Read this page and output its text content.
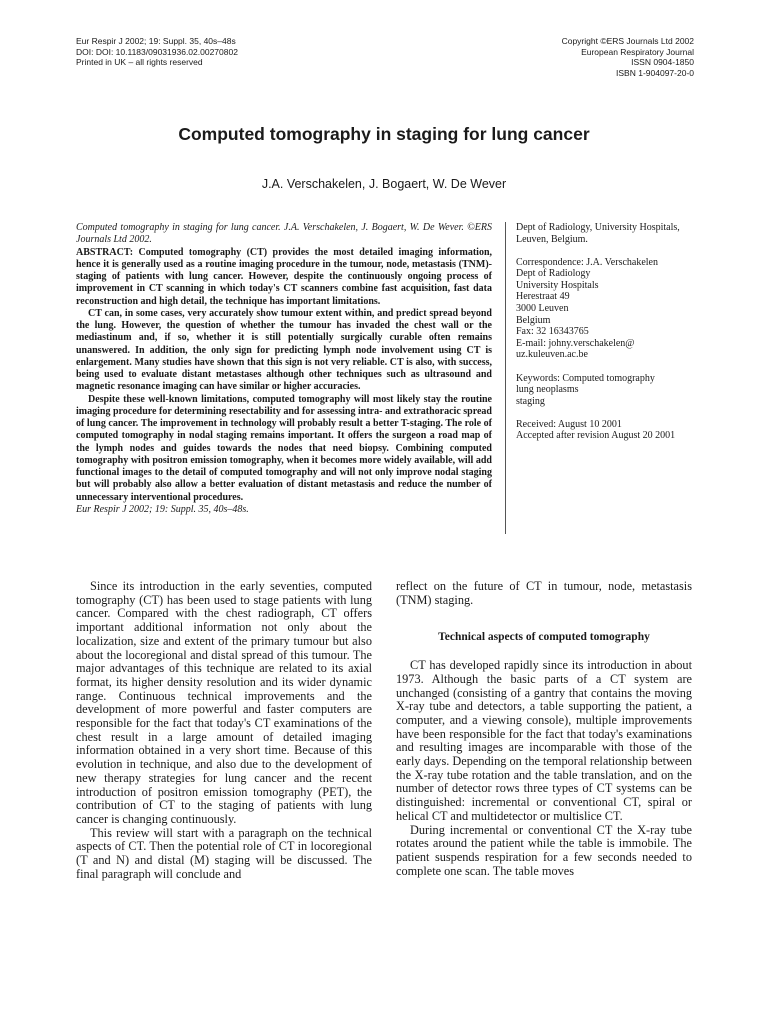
Eur Respir J 2002; 19: Suppl. 35, 40s–48s
DOI: DOI: 10.1183/09031936.02.00270802
Printed in UK – all rights reserved
Copyright ©ERS Journals Ltd 2002
European Respiratory Journal
ISSN 0904-1850
ISBN 1-904097-20-0
Computed tomography in staging for lung cancer
J.A. Verschakelen, J. Bogaert, W. De Wever

Computed tomography in staging for lung cancer. J.A. Verschakelen, J. Bogaert, W. De Wever. ©ERS Journals Ltd 2002.
ABSTRACT: Computed tomography (CT) provides the most detailed imaging information, hence it is generally used as a routine imaging procedure in the tumour, node, metastasis (TNM)-staging of patients with lung cancer. However, despite the continuously ongoing process of improvement in CT scanning in which today's CT scanners combine fast acquisition, fast data reconstruction and high detail, the technique has important limitations.

CT can, in some cases, very accurately show tumour extent within, and predict spread beyond the lung. However, the question of whether the tumour has invaded the chest wall or the mediastinum and, if so, whether it is still potentially surgically curable often remains unanswered. In addition, the only sign for predicting lymph node involvement using CT is enlargement. Many studies have shown that this sign is not very reliable. CT is also, with success, being used to evaluate distant metastases although other techniques such as ultrasound and magnetic resonance imaging can have similar or higher accuracies.

Despite these well-known limitations, computed tomography will most likely stay the routine imaging procedure for determining resectability and for assessing intra- and extrathoracic spread of lung cancer. The improvement in technology will probably result a better T-staging. The role of computed tomography in nodal staging remains important. It offers the surgeon a road map of the lymph nodes and guides towards the nodes that need biopsy. Combining computed tomography with positron emission tomography, when it becomes more widely available, will add functional images to the detail of computed tomography and will not only improve nodal staging but will probably also allow a better evaluation of distant metastasis and reduce the number of unnecessary interventional procedures.

Eur Respir J 2002; 19: Suppl. 35, 40s–48s.

Dept of Radiology, University Hospitals, Leuven, Belgium.
Correspondence: J.A. Verschakelen
Dept of Radiology
University Hospitals
Herestraat 49
3000 Leuven
Belgium
Fax: 32 16343765
E-mail: johny.verschakelen@
uz.kuleuven.ac.be
Keywords: Computed tomography
lung neoplasms
staging
Received: August 10 2001
Accepted after revision August 20 2001

Since its introduction in the early seventies, computed tomography (CT) has been used to stage patients with lung cancer. Compared with the chest radiograph, CT offers important additional information not only about the localization, size and extent of the primary tumour but also about the locoregional and distal spread of this tumour. The major advantages of this technique are related to its axial format, its higher density resolution and its wider dynamic range. Continuous technical improvements and the development of more powerful and faster computers are responsible for the fact that today's CT examinations of the chest result in a large amount of detailed imaging information obtained in a very short time. Because of this evolution in technique, and also due to the development of new therapy strategies for lung cancer and the recent introduction of positron emission tomography (PET), the contribution of CT to the staging of patients with lung cancer is changing continuously.

This review will start with a paragraph on the technical aspects of CT. Then the potential role of CT in locoregional (T and N) and distal (M) staging will be discussed. The final paragraph will conclude and

reflect on the future of CT in tumour, node, metastasis (TNM) staging.

Technical aspects of computed tomography

CT has developed rapidly since its introduction in about 1973. Although the basic parts of a CT system are unchanged (consisting of a gantry that contains the moving X-ray tube and detectors, a table supporting the patient, a computer, and a viewing console), multiple improvements have been responsible for the fact that today's examinations and resulting images are incomparable with those of the early days. Depending on the temporal relationship between the X-ray tube rotation and the table translation, and on the number of detector rows three types of CT systems can be distinguished: incremental or conventional CT, spiral or helical CT and multidetector or multislice CT.

During incremental or conventional CT the X-ray tube rotates around the patient while the table is immobile. The patient suspends respiration for a few seconds needed to complete one scan. The table moves
